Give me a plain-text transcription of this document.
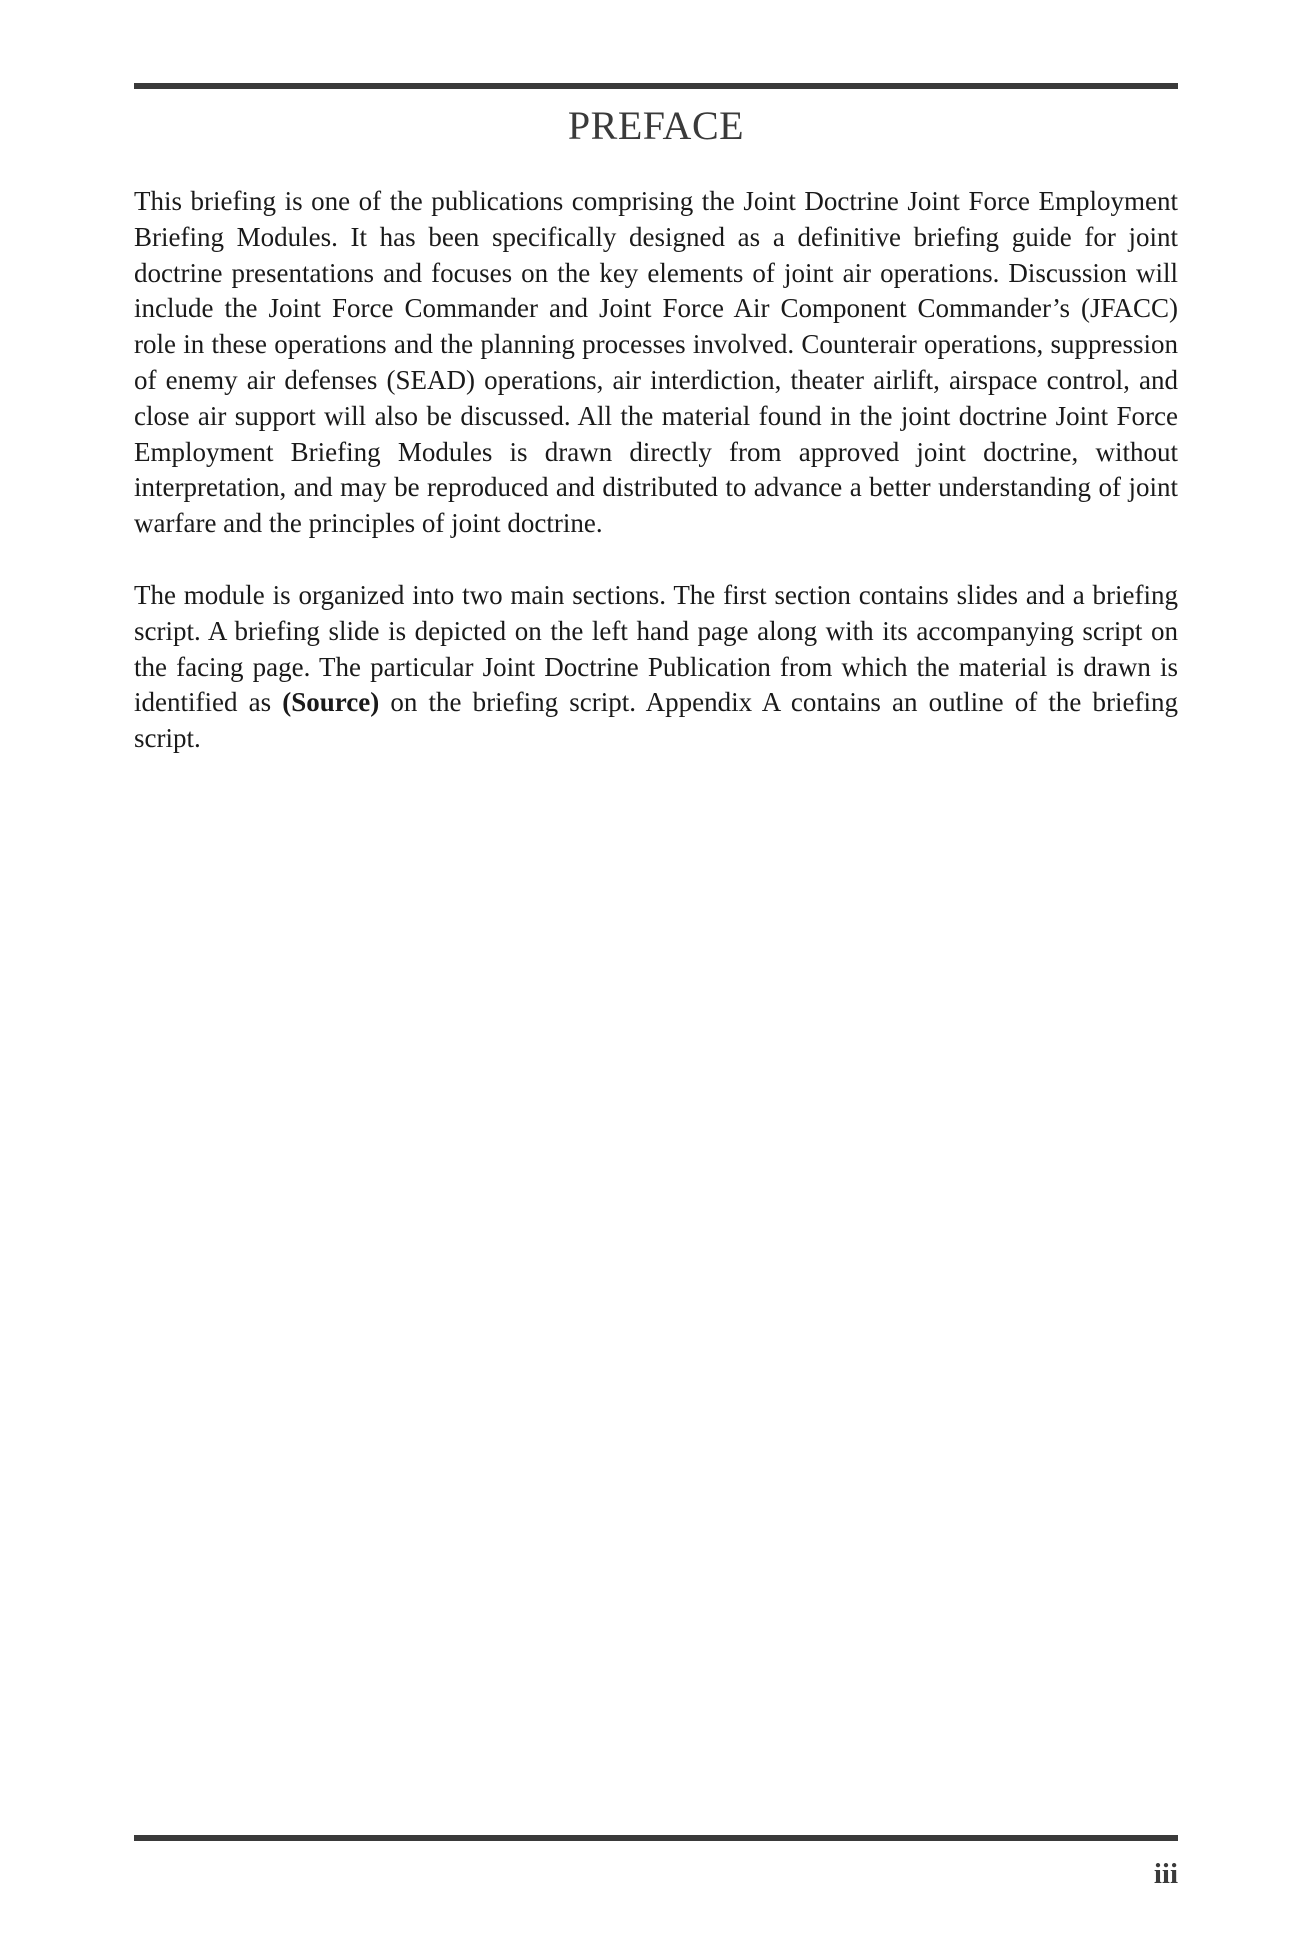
PREFACE

This briefing is one of the publications comprising the Joint Doctrine Joint Force Employment Briefing Modules. It has been specifically designed as a definitive briefing guide for joint doctrine presentations and focuses on the key elements of joint air operations. Discussion will include the Joint Force Commander and Joint Force Air Component Commander’s (JFACC) role in these operations and the planning processes involved. Counterair operations, suppression of enemy air defenses (SEAD) operations, air interdiction, theater airlift, airspace control, and close air support will also be discussed. All the material found in the joint doctrine Joint Force Employment Briefing Modules is drawn directly from approved joint doctrine, without interpretation, and may be reproduced and distributed to advance a better understanding of joint warfare and the principles of joint doctrine.

The module is organized into two main sections. The first section contains slides and a briefing script. A briefing slide is depicted on the left hand page along with its accompanying script on the facing page. The particular Joint Doctrine Publication from which the material is drawn is identified as (Source) on the briefing script. Appendix A contains an outline of the briefing script.

iii
